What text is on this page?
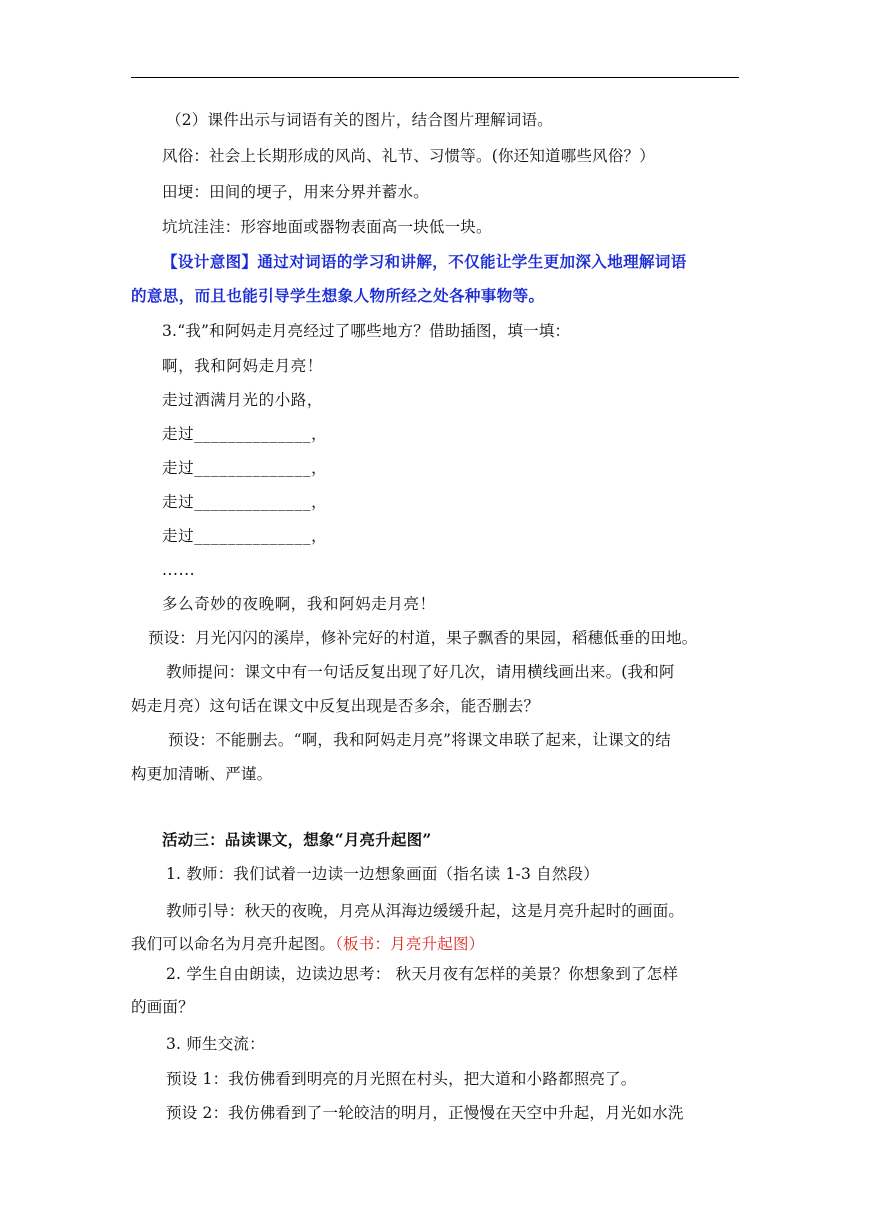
（2）课件出示与词语有关的图片，结合图片理解词语。
风俗：社会上长期形成的风尚、礼节、习惯等。(你还知道哪些风俗？）
田埂：田间的埂子，用来分界并蓄水。
坑坑洼洼：形容地面或器物表面高一块低一块。
【设计意图】通过对词语的学习和讲解，不仅能让学生更加深入地理解词语
的意思，而且也能引导学生想象人物所经之处各种事物等。
3.“我”和阿妈走月亮经过了哪些地方？借助插图，填一填：
啊，我和阿妈走月亮！
走过洒满月光的小路，
走过______________，
走过______________，
走过______________，
走过______________，
......
多么奇妙的夜晚啊，我和阿妈走月亮！
预设：月光闪闪的溪岸，修补完好的村道，果子飘香的果园，稻穗低垂的田地。
教师提问：课文中有一句话反复出现了好几次，请用横线画出来。(我和阿
妈走月亮）这句话在课文中反复出现是否多余，能否删去？
预设：不能删去。“啊，我和阿妈走月亮”将课文串联了起来，让课文的结
构更加清晰、严谨。
活动三：品读课文，想象“月亮升起图”
1. 教师：我们试着一边读一边想象画面（指名读 1-3 自然段）
教师引导：秋天的夜晚，月亮从洱海边缓缓升起，这是月亮升起时的画面。
我们可以命名为月亮升起图。（板书：月亮升起图）
2. 学生自由朗读，边读边思考： 秋天月夜有怎样的美景？你想象到了怎样
的画面？
3. 师生交流：
预设 1：我仿佛看到明亮的月光照在村头，把大道和小路都照亮了。
预设 2：我仿佛看到了一轮皎洁的明月，正慢慢在天空中升起，月光如水洗
